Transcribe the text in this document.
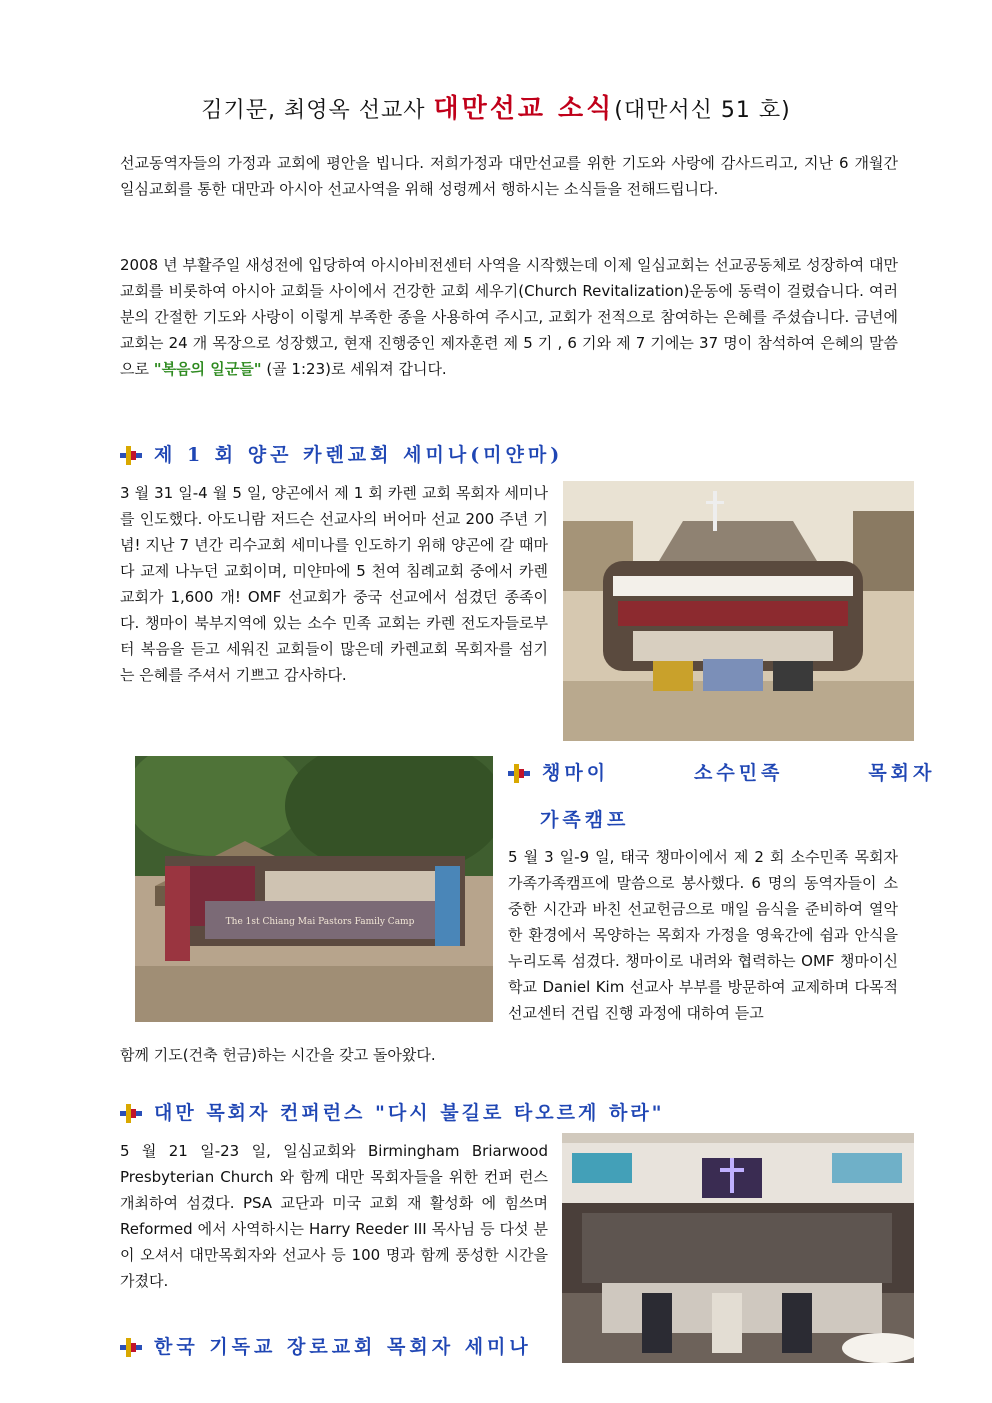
김기문, 최영옥 선교사 대만선교 소식(대만서신 51 호)

선교동역자들의 가정과 교회에 평안을 빕니다. 저희가정과 대만선교를 위한 기도와 사랑에 감사드리고, 지난 6 개월간 일심교회를 통한 대만과 아시아 선교사역을 위해 성령께서 행하시는 소식들을 전해드립니다.

2008 년 부활주일 새성전에 입당하여 아시아비전센터 사역을 시작했는데 이제 일심교회는 선교공동체로 성장하여 대만교회를 비롯하여 아시아 교회들 사이에서 건강한 교회 세우기(Church Revitalization)운동에 동력이 걸렸습니다. 여러분의 간절한 기도와 사랑이 이렇게 부족한 종을 사용하여 주시고, 교회가 전적으로 참여하는 은혜를 주셨습니다. 금년에 교회는 24 개 목장으로 성장했고, 현재 진행중인 제자훈련 제 5 기 , 6 기와 제 7 기에는 37 명이 참석하여 은혜의 말씀으로 "복음의 일군들" (골 1:23)로 세워져 갑니다.

제 1 회 양곤 카렌교회 세미나(미얀마)

3 월 31 일-4 월 5 일, 양곤에서 제 1 회 카렌 교회 목회자 세미나를 인도했다. 아도니람 저드슨 선교사의 버어마 선교 200 주년 기념! 지난 7 년간 리수교회 세미나를 인도하기 위해 양곤에 갈 때마다 교제 나누던 교회이며, 미얀마에 5 천여 침례교회 중에서 카렌 교회가 1,600 개! OMF 선교회가 중국 선교에서 섬겼던 종족이다. 챙마이 북부지역에 있는 소수 민족 교회는 카렌 전도자들로부터 복음을 듣고 세워진 교회들이 많은데 카렌교회 목회자를 섬기는 은혜를 주셔서 기쁘고 감사하다.

The 1st Chiang Mai Pastors Family Camp
챙마이        소수민족        목회자
가족캠프

5 월 3 일-9 일, 태국 챙마이에서 제 2 회 소수민족 목회자 가족가족캠프에 말씀으로 봉사했다. 6 명의 동역자들이 소중한 시간과 바친 선교헌금으로 매일 음식을 준비하여 열악한 환경에서 목양하는 목회자 가정을 영육간에 쉼과 안식을 누리도록 섬겼다. 챙마이로 내려와 협력하는 OMF 챙마이신학교 Daniel Kim 선교사 부부를 방문하여 교제하며 다목적선교센터 건립 진행 과정에 대하여 듣고

함께 기도(건축 헌금)하는 시간을 갖고 돌아왔다.

대만 목회자 컨퍼런스 "다시 불길로 타오르게 하라"

5 월 21 일-23 일, 일심교회와 Birmingham Briarwood Presbyterian Church 와 함께 대만 목회자들을 위한 컨퍼 런스 개최하여 섬겼다. PSA 교단과 미국 교회 재 활성화 에 힘쓰며 Reformed 에서 사역하시는 Harry Reeder III 목사님 등 다섯 분이 오셔서 대만목회자와 선교사 등 100 명과 함께 풍성한 시간을 가졌다.

한국 기독교 장로교회 목회자 세미나
